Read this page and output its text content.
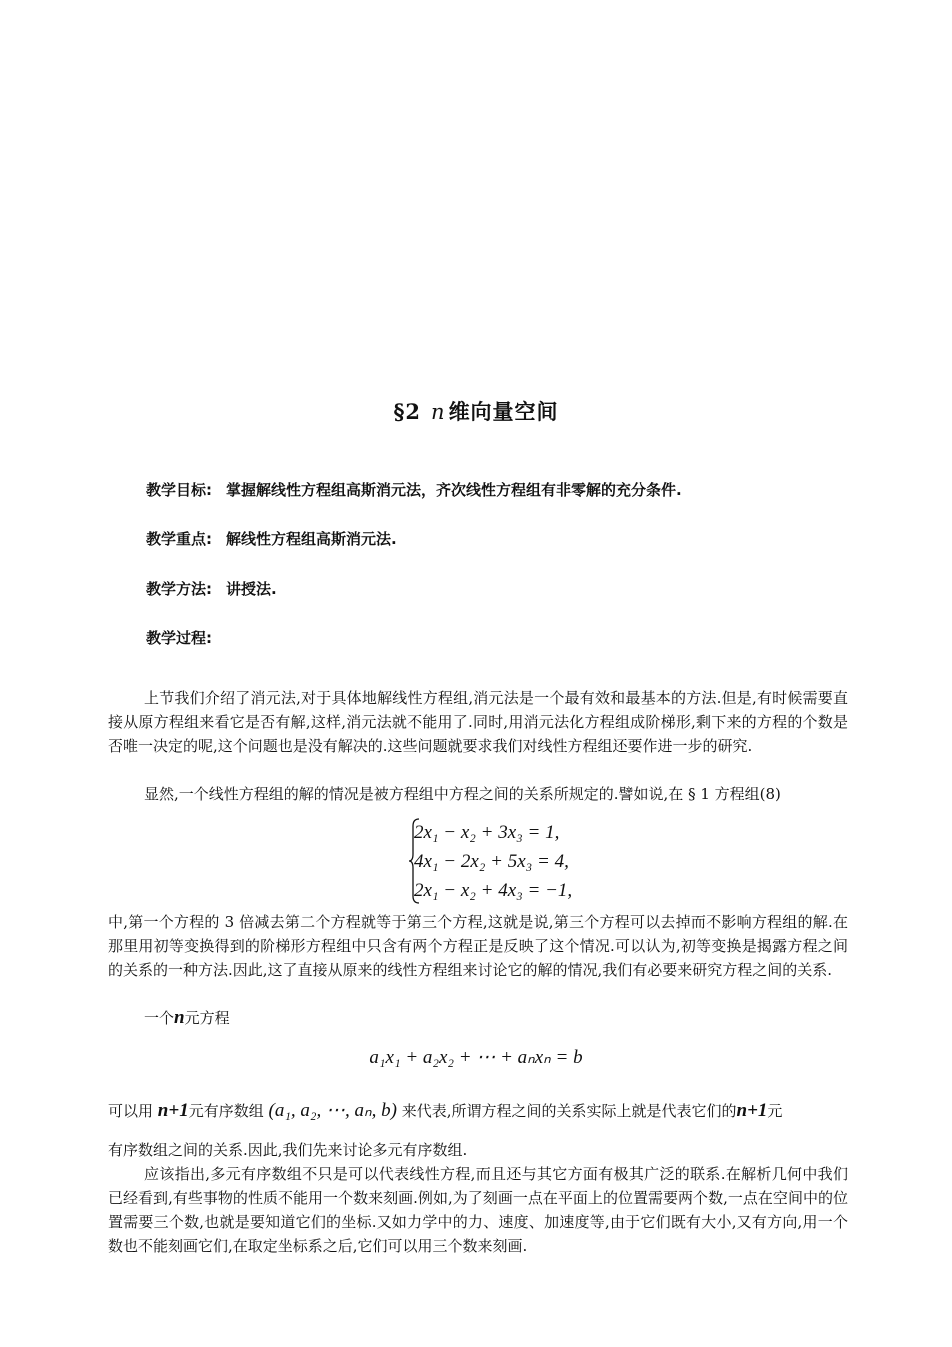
§2 n 维向量空间
教学目标: 掌握解线性方程组高斯消元法，齐次线性方程组有非零解的充分条件.
教学重点: 解线性方程组高斯消元法.
教学方法: 讲授法.
教学过程:

上节我们介绍了消元法,对于具体地解线性方程组,消元法是一个最有效和最基本的方法.但是,有时候需要直接从原方程组来看它是否有解,这样,消元法就不能用了.同时,用消元法化方程组成阶梯形,剩下来的方程的个数是否唯一决定的呢,这个问题也是没有解决的.这些问题就要求我们对线性方程组还要作进一步的研究.

显然,一个线性方程组的解的情况是被方程组中方程之间的关系所规定的.譬如说,在 § 1 方程组(8)

2x₁ − x₂ + 3x₃ = 1,
4x₁ − 2x₂ + 5x₃ = 4,
2x₁ − x₂ + 4x₃ = −1,

中,第一个方程的 3 倍减去第二个方程就等于第三个方程,这就是说,第三个方程可以去掉而不影响方程组的解.在那里用初等变换得到的阶梯形方程组中只含有两个方程正是反映了这个情况.可以认为,初等变换是揭露方程之间的关系的一种方法.因此,这了直接从原来的线性方程组来讨论它的解的情况,我们有必要来研究方程之间的关系.

一个n元方程

a₁x₁ + a₂x₂ + ⋯ + aₙxₙ = b
可以用 n+1元有序数组 (a₁, a₂, ⋯, aₙ, b) 来代表,所谓方程之间的关系实际上就是代表它们的n+1元

有序数组之间的关系.因此,我们先来讨论多元有序数组.

应该指出,多元有序数组不只是可以代表线性方程,而且还与其它方面有极其广泛的联系.在解析几何中我们已经看到,有些事物的性质不能用一个数来刻画.例如,为了刻画一点在平面上的位置需要两个数,一点在空间中的位置需要三个数,也就是要知道它们的坐标.又如力学中的力、速度、加速度等,由于它们既有大小,又有方向,用一个数也不能刻画它们,在取定坐标系之后,它们可以用三个数来刻画.
